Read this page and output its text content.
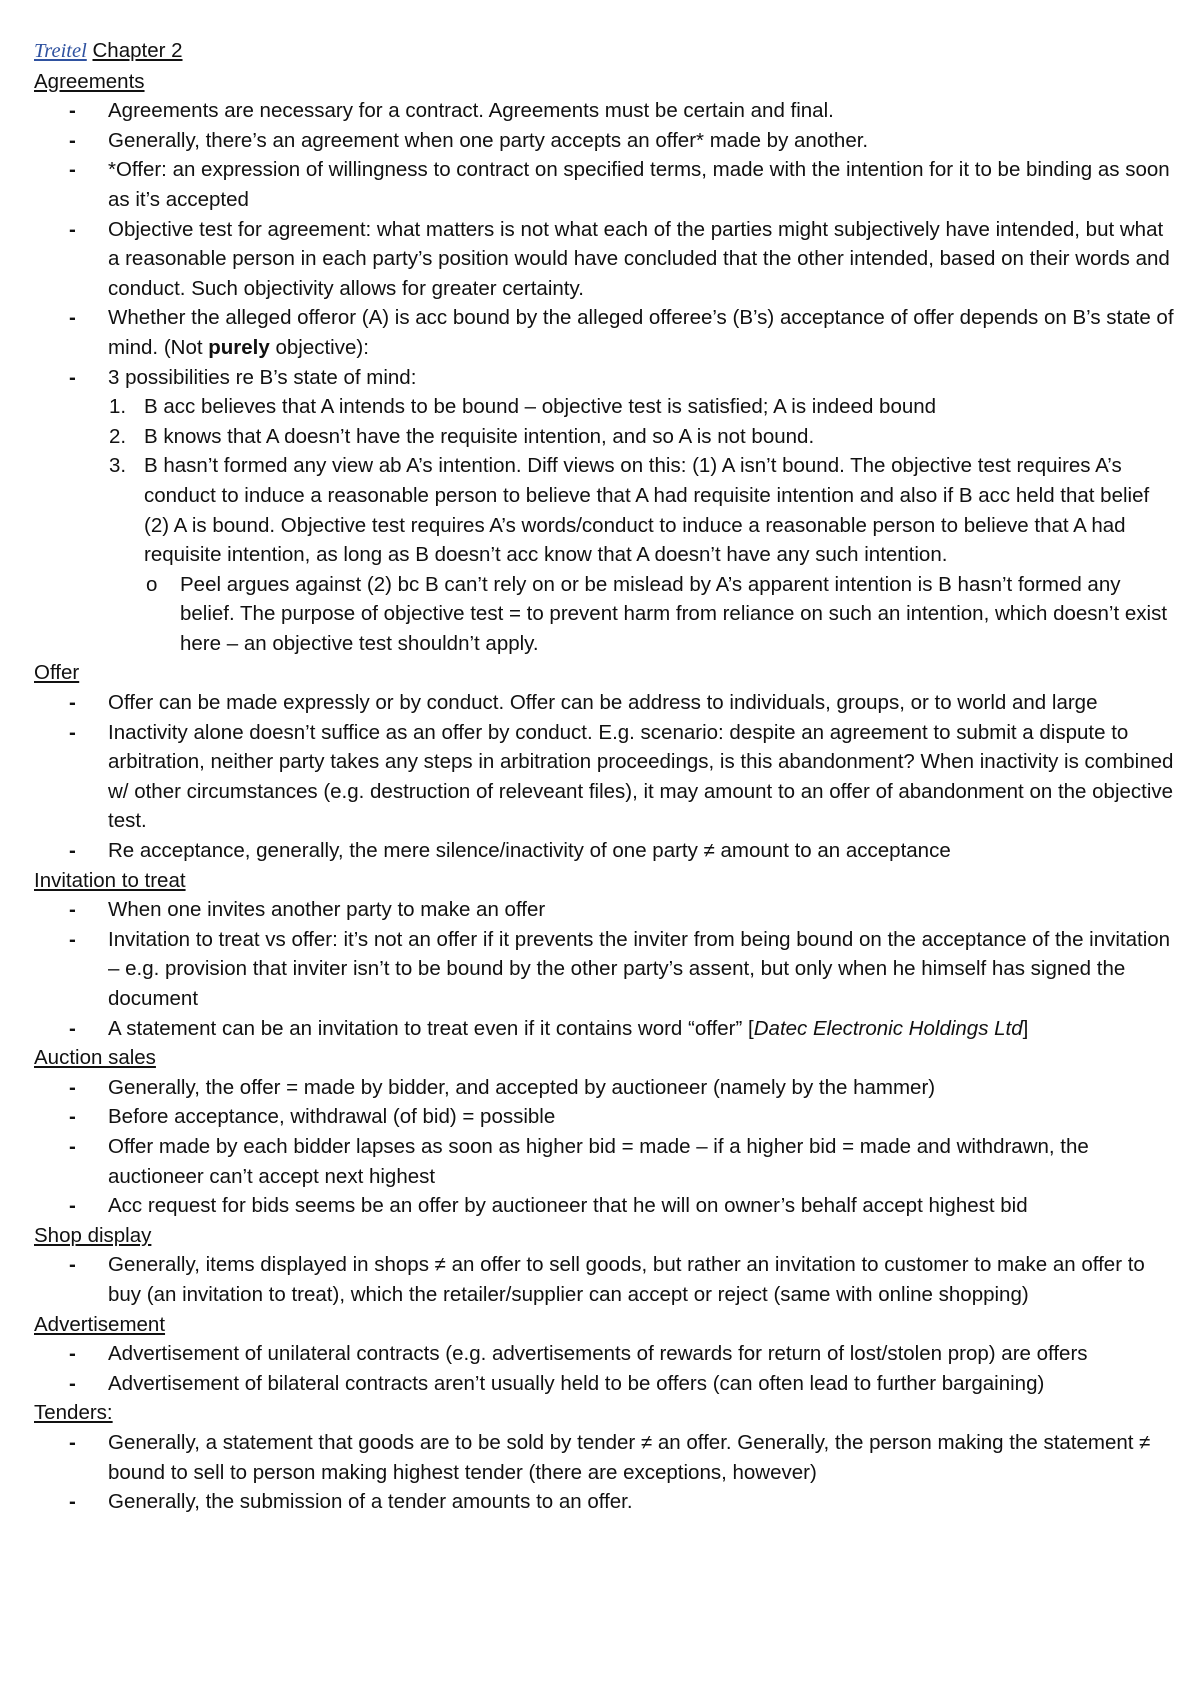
Treitel Chapter 2
Agreements
- Agreements are necessary for a contract. Agreements must be certain and final.
- Generally, there’s an agreement when one party accepts an offer* made by another.
- *Offer: an expression of willingness to contract on specified terms, made with the intention for it to be binding as soon as it’s accepted
- Objective test for agreement: what matters is not what each of the parties might subjectively have intended, but what a reasonable person in each party’s position would have concluded that the other intended, based on their words and conduct. Such objectivity allows for greater certainty.
- Whether the alleged offeror (A) is acc bound by the alleged offeree’s (B’s) acceptance of offer depends on B’s state of mind. (Not purely objective):
- 3 possibilities re B’s state of mind:
1. B acc believes that A intends to be bound – objective test is satisfied; A is indeed bound
2. B knows that A doesn’t have the requisite intention, and so A is not bound.
3. B hasn’t formed any view ab A’s intention. Diff views on this: (1) A isn’t bound. The objective test requires A’s conduct to induce a reasonable person to believe that A had requisite intention and also if B acc held that belief (2) A is bound. Objective test requires A’s words/conduct to induce a reasonable person to believe that A had requisite intention, as long as B doesn’t acc know that A doesn’t have any such intention.
o Peel argues against (2) bc B can’t rely on or be mislead by A’s apparent intention is B hasn’t formed any belief. The purpose of objective test = to prevent harm from reliance on such an intention, which doesn’t exist here – an objective test shouldn’t apply.
Offer
- Offer can be made expressly or by conduct. Offer can be address to individuals, groups, or to world and large
- Inactivity alone doesn’t suffice as an offer by conduct. E.g. scenario: despite an agreement to submit a dispute to arbitration, neither party takes any steps in arbitration proceedings, is this abandonment? When inactivity is combined w/ other circumstances (e.g. destruction of releveant files), it may amount to an offer of abandonment on the objective test.
- Re acceptance, generally, the mere silence/inactivity of one party ≠ amount to an acceptance
Invitation to treat
- When one invites another party to make an offer
- Invitation to treat vs offer: it’s not an offer if it prevents the inviter from being bound on the acceptance of the invitation – e.g. provision that inviter isn’t to be bound by the other party’s assent, but only when he himself has signed the document
- A statement can be an invitation to treat even if it contains word “offer” [Datec Electronic Holdings Ltd]
Auction sales
- Generally, the offer = made by bidder, and accepted by auctioneer (namely by the hammer)
- Before acceptance, withdrawal (of bid) = possible
- Offer made by each bidder lapses as soon as higher bid = made – if a higher bid = made and withdrawn, the auctioneer can’t accept next highest
- Acc request for bids seems be an offer by auctioneer that he will on owner’s behalf accept highest bid
Shop display
- Generally, items displayed in shops ≠ an offer to sell goods, but rather an invitation to customer to make an offer to buy (an invitation to treat), which the retailer/supplier can accept or reject (same with online shopping)
Advertisement
- Advertisement of unilateral contracts (e.g. advertisements of rewards for return of lost/stolen prop) are offers
- Advertisement of bilateral contracts aren’t usually held to be offers (can often lead to further bargaining)
Tenders:
- Generally, a statement that goods are to be sold by tender ≠ an offer. Generally, the person making the statement ≠ bound to sell to person making highest tender (there are exceptions, however)
- Generally, the submission of a tender amounts to an offer.
